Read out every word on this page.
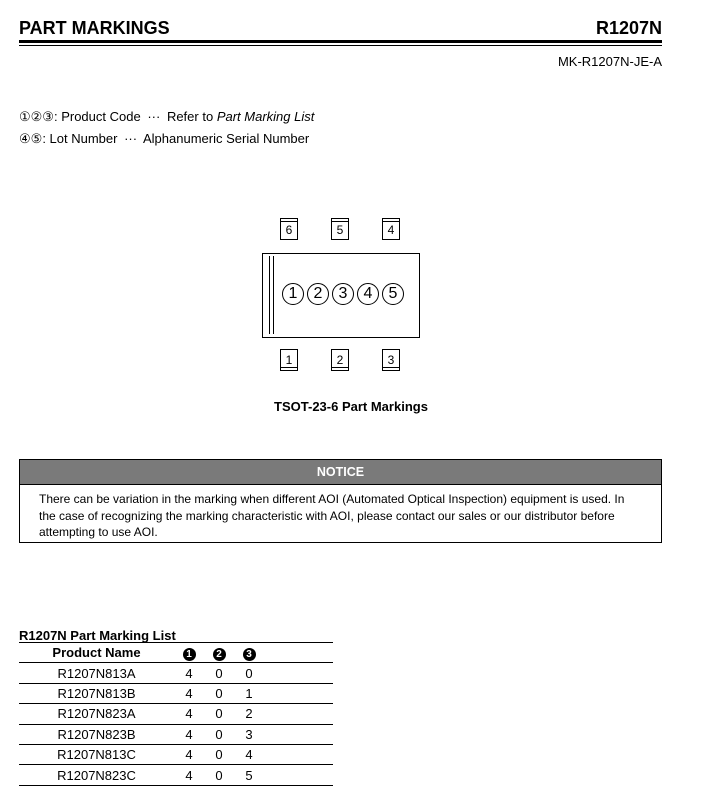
PART MARKINGS	R1207N
MK-R1207N-JE-A
①②③: Product Code ··· Refer to Part Marking List
④⑤: Lot Number ··· Alphanumeric Serial Number
6	5	4
1	2	3	4	5
1	2	3
TSOT-23-6 Part Markings
NOTICE
There can be variation in the marking when different AOI (Automated Optical Inspection) equipment is used. In the case of recognizing the marking characteristic with AOI, please contact our sales or our distributor before attempting to use AOI.
R1207N Part Marking List
Product Name	1	2	3	
R1207N813A	4	0	0	
R1207N813B	4	0	1	
R1207N823A	4	0	2	
R1207N823B	4	0	3	
R1207N813C	4	0	4	
R1207N823C	4	0	5	
